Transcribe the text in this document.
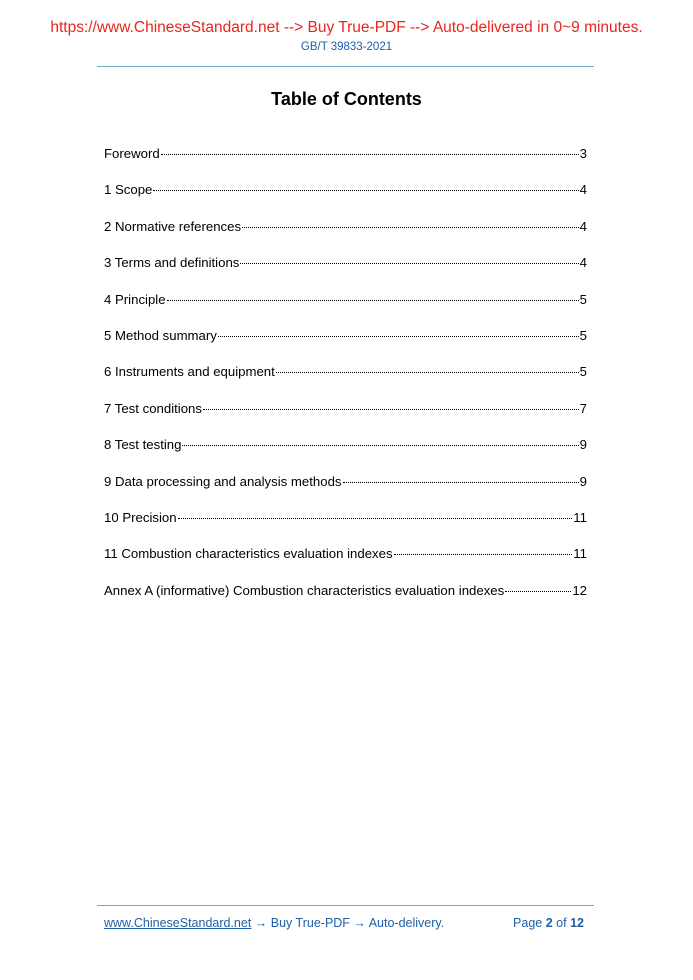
https://www.ChineseStandard.net --> Buy True-PDF --> Auto-delivered in 0~9 minutes.
GB/T 39833-2021
Table of Contents
Foreword	3
1 Scope	4
2 Normative references	4
3 Terms and definitions	4
4 Principle	5
5 Method summary	5
6 Instruments and equipment	5
7 Test conditions	7
8 Test testing	9
9 Data processing and analysis methods	9
10 Precision	11
11 Combustion characteristics evaluation indexes	11
Annex A (informative) Combustion characteristics evaluation indexes	12
www.ChineseStandard.net → Buy True-PDF → Auto-delivery.	Page 2 of 12
